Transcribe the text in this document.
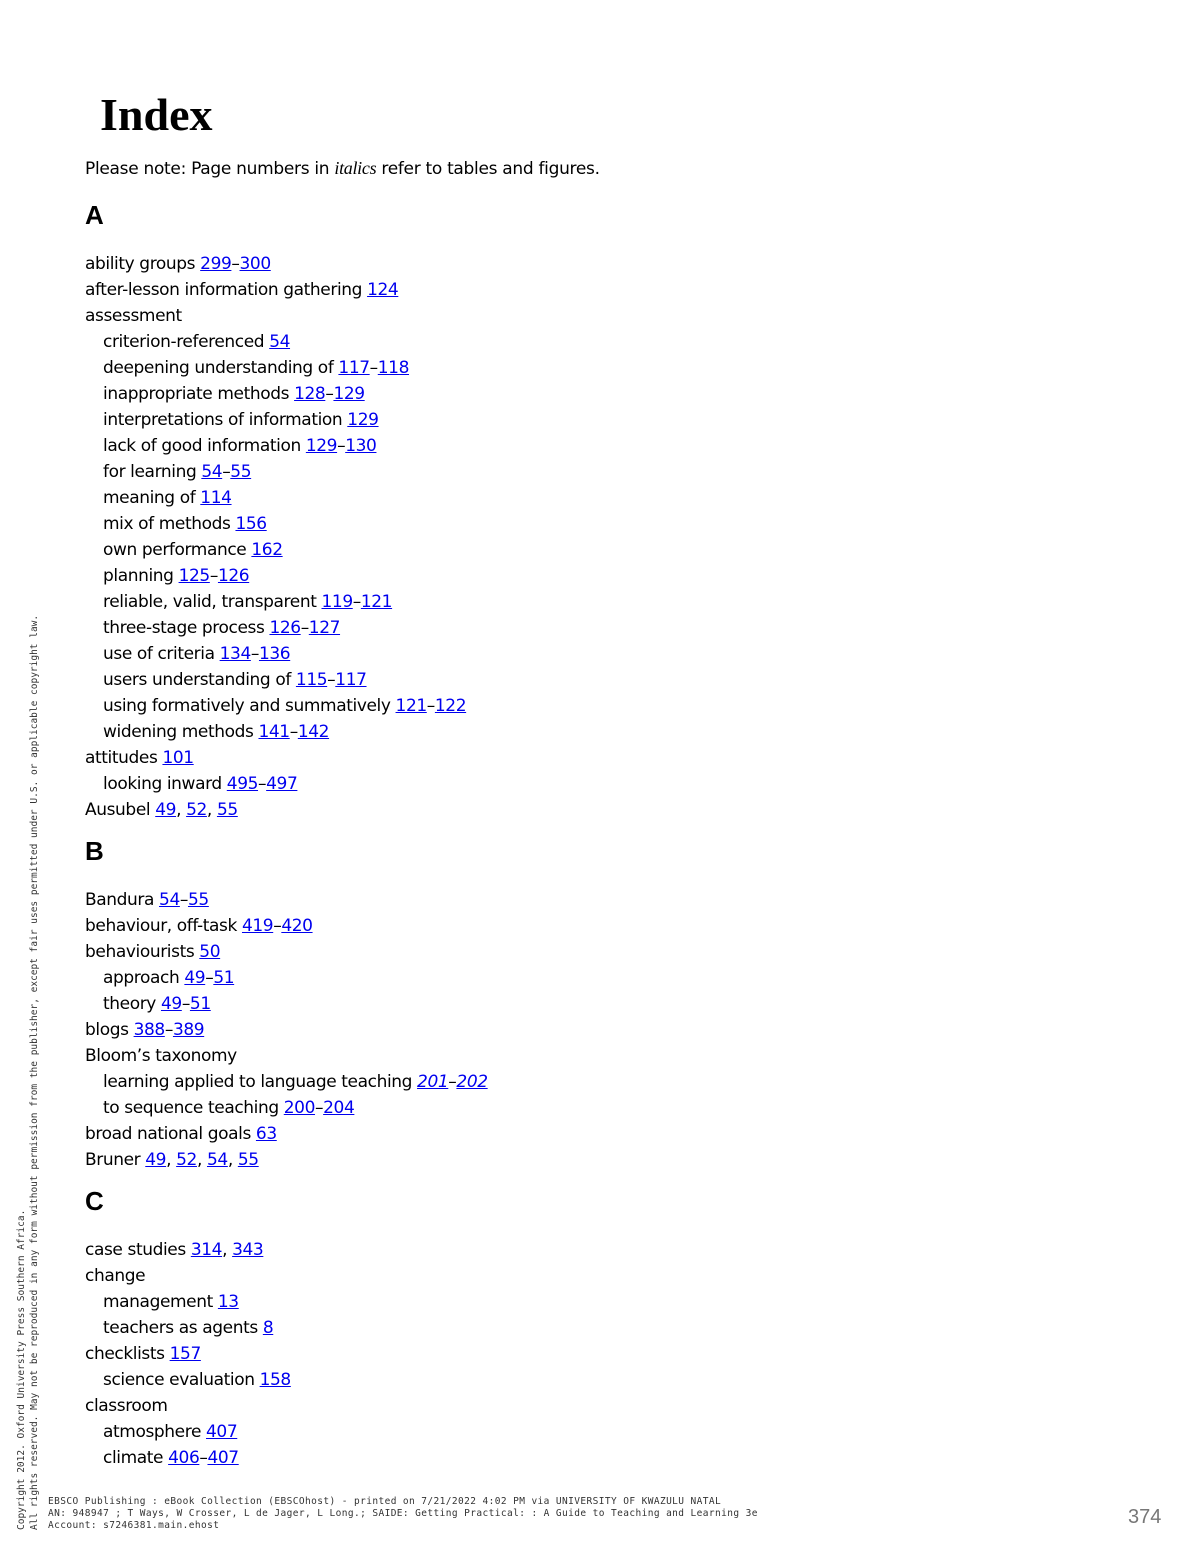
Index
Please note: Page numbers in italics refer to tables and figures.
A
ability groups 299–300
after-lesson information gathering 124
assessment
criterion-referenced 54
deepening understanding of 117–118
inappropriate methods 128–129
interpretations of information 129
lack of good information 129–130
for learning 54–55
meaning of 114
mix of methods 156
own performance 162
planning 125–126
reliable, valid, transparent 119–121
three-stage process 126–127
use of criteria 134–136
users understanding of 115–117
using formatively and summatively 121–122
widening methods 141–142
attitudes 101
looking inward 495–497
Ausubel 49, 52, 55
B
Bandura 54–55
behaviour, off-task 419–420
behaviourists 50
approach 49–51
theory 49–51
blogs 388–389
Bloom’s taxonomy
learning applied to language teaching 201–202
to sequence teaching 200–204
broad national goals 63
Bruner 49, 52, 54, 55
C
case studies 314, 343
change
management 13
teachers as agents 8
checklists 157
science evaluation 158
classroom
atmosphere 407
climate 406–407
Copyright 2012. Oxford University Press Southern Africa. All rights reserved. May not be reproduced in any form without permission from the publisher, except fair uses permitted under U.S. or applicable copyright law. EBSCO Publishing : eBook Collection (EBSCOhost) - printed on 7/21/2022 4:02 PM via UNIVERSITY OF KWAZULU NATAL
AN: 948947 ; T Ways, W Crosser, L de Jager, L Long.; SAIDE: Getting Practical: : A Guide to Teaching and Learning 3e
Account: s7246381.main.ehost	374
